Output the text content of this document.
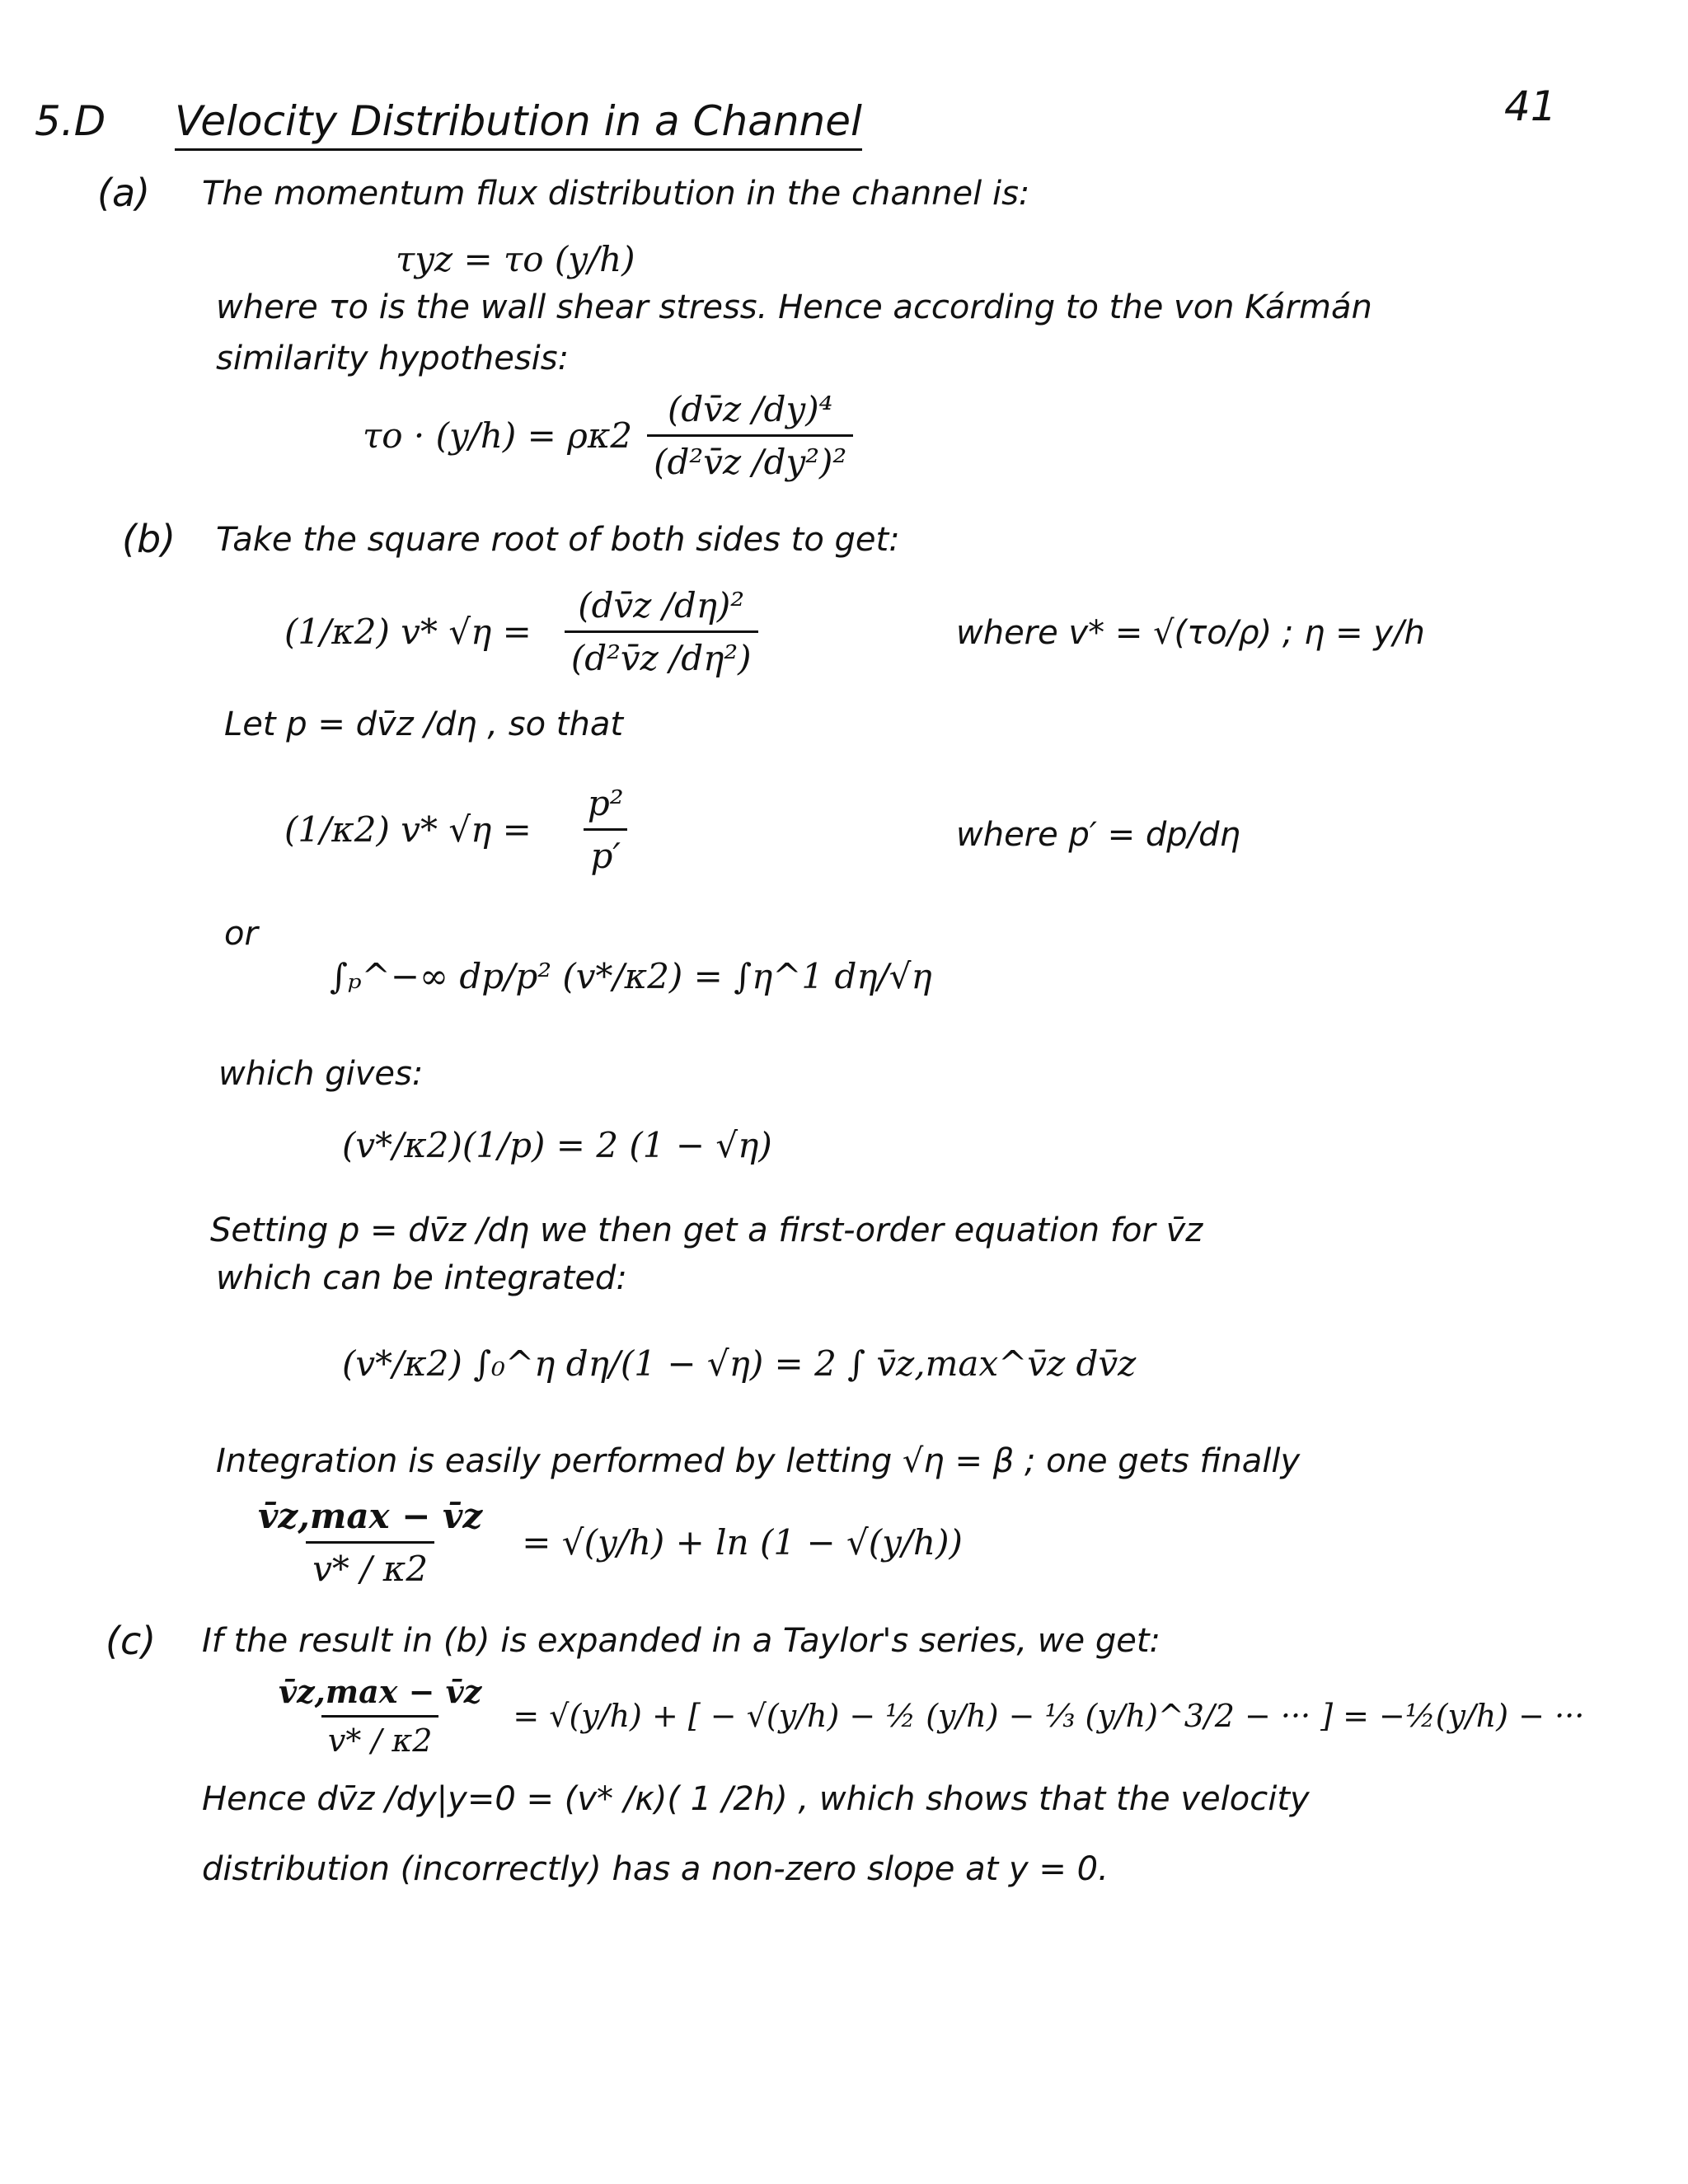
5.D Velocity Distribution in a Channel	41
(a) The momentum flux distribution in the channel is:
τyz = τo (y/h)
where τo is the wall shear stress. Hence according to the von Kármán
similarity hypothesis:
$\tau o \cdot (y/h) = \rho\kappa 2 \frac{\text{(dv̄z /dy)⁴}}{\text{(d²v̄z /dy²)²}}$
(b) Take the square root of both sides to get:
(1/κ2) v* $√\eta = \frac{\text{(dv̄z /dη)²}}{\text{(d²v̄z /dη²)}}$	where v* = √(τo/ρ) ; η = y/h
Let p = dv̄z /dη , so that
(1/κ2) v* $√\eta = \frac{\text{p²}}{p'}$	where p′ = dp/dη
or
∫ₚ^−∞ dp/p² (v*/κ2) = ∫η^1 dη/√η
which gives:
(v*/κ2)(1/p) = 2 (1 − √η)
Setting p = dv̄z /dη we then get a first-order equation for v̄z
which can be integrated:
(v*/κ2) ∫₀^η dη/(1 − √η) = 2 ∫ v̄z,max^v̄z dv̄z
Integration is easily performed by letting √η = β ; one gets finally
$\frac{v̄z,\max - v̄z}{v* / \kappa 2} = √(y/h) + \ln (1 - √(y/h))$
(c) If the result in (b) is expanded in a Taylor's series, we get:
$\frac{v̄z,\max - v̄z}{v* / \kappa 2} = √(y/h)$ + [ − √(y/h) − ½ (y/h) − ⅓ (y/h)^3/2 − ··· ] = −½(y/h) − ···
Hence dv̄z /dy|y=0 = (v* /κ)( 1 /2h) , which shows that the velocity
distribution (incorrectly) has a non-zero slope at y = 0.
